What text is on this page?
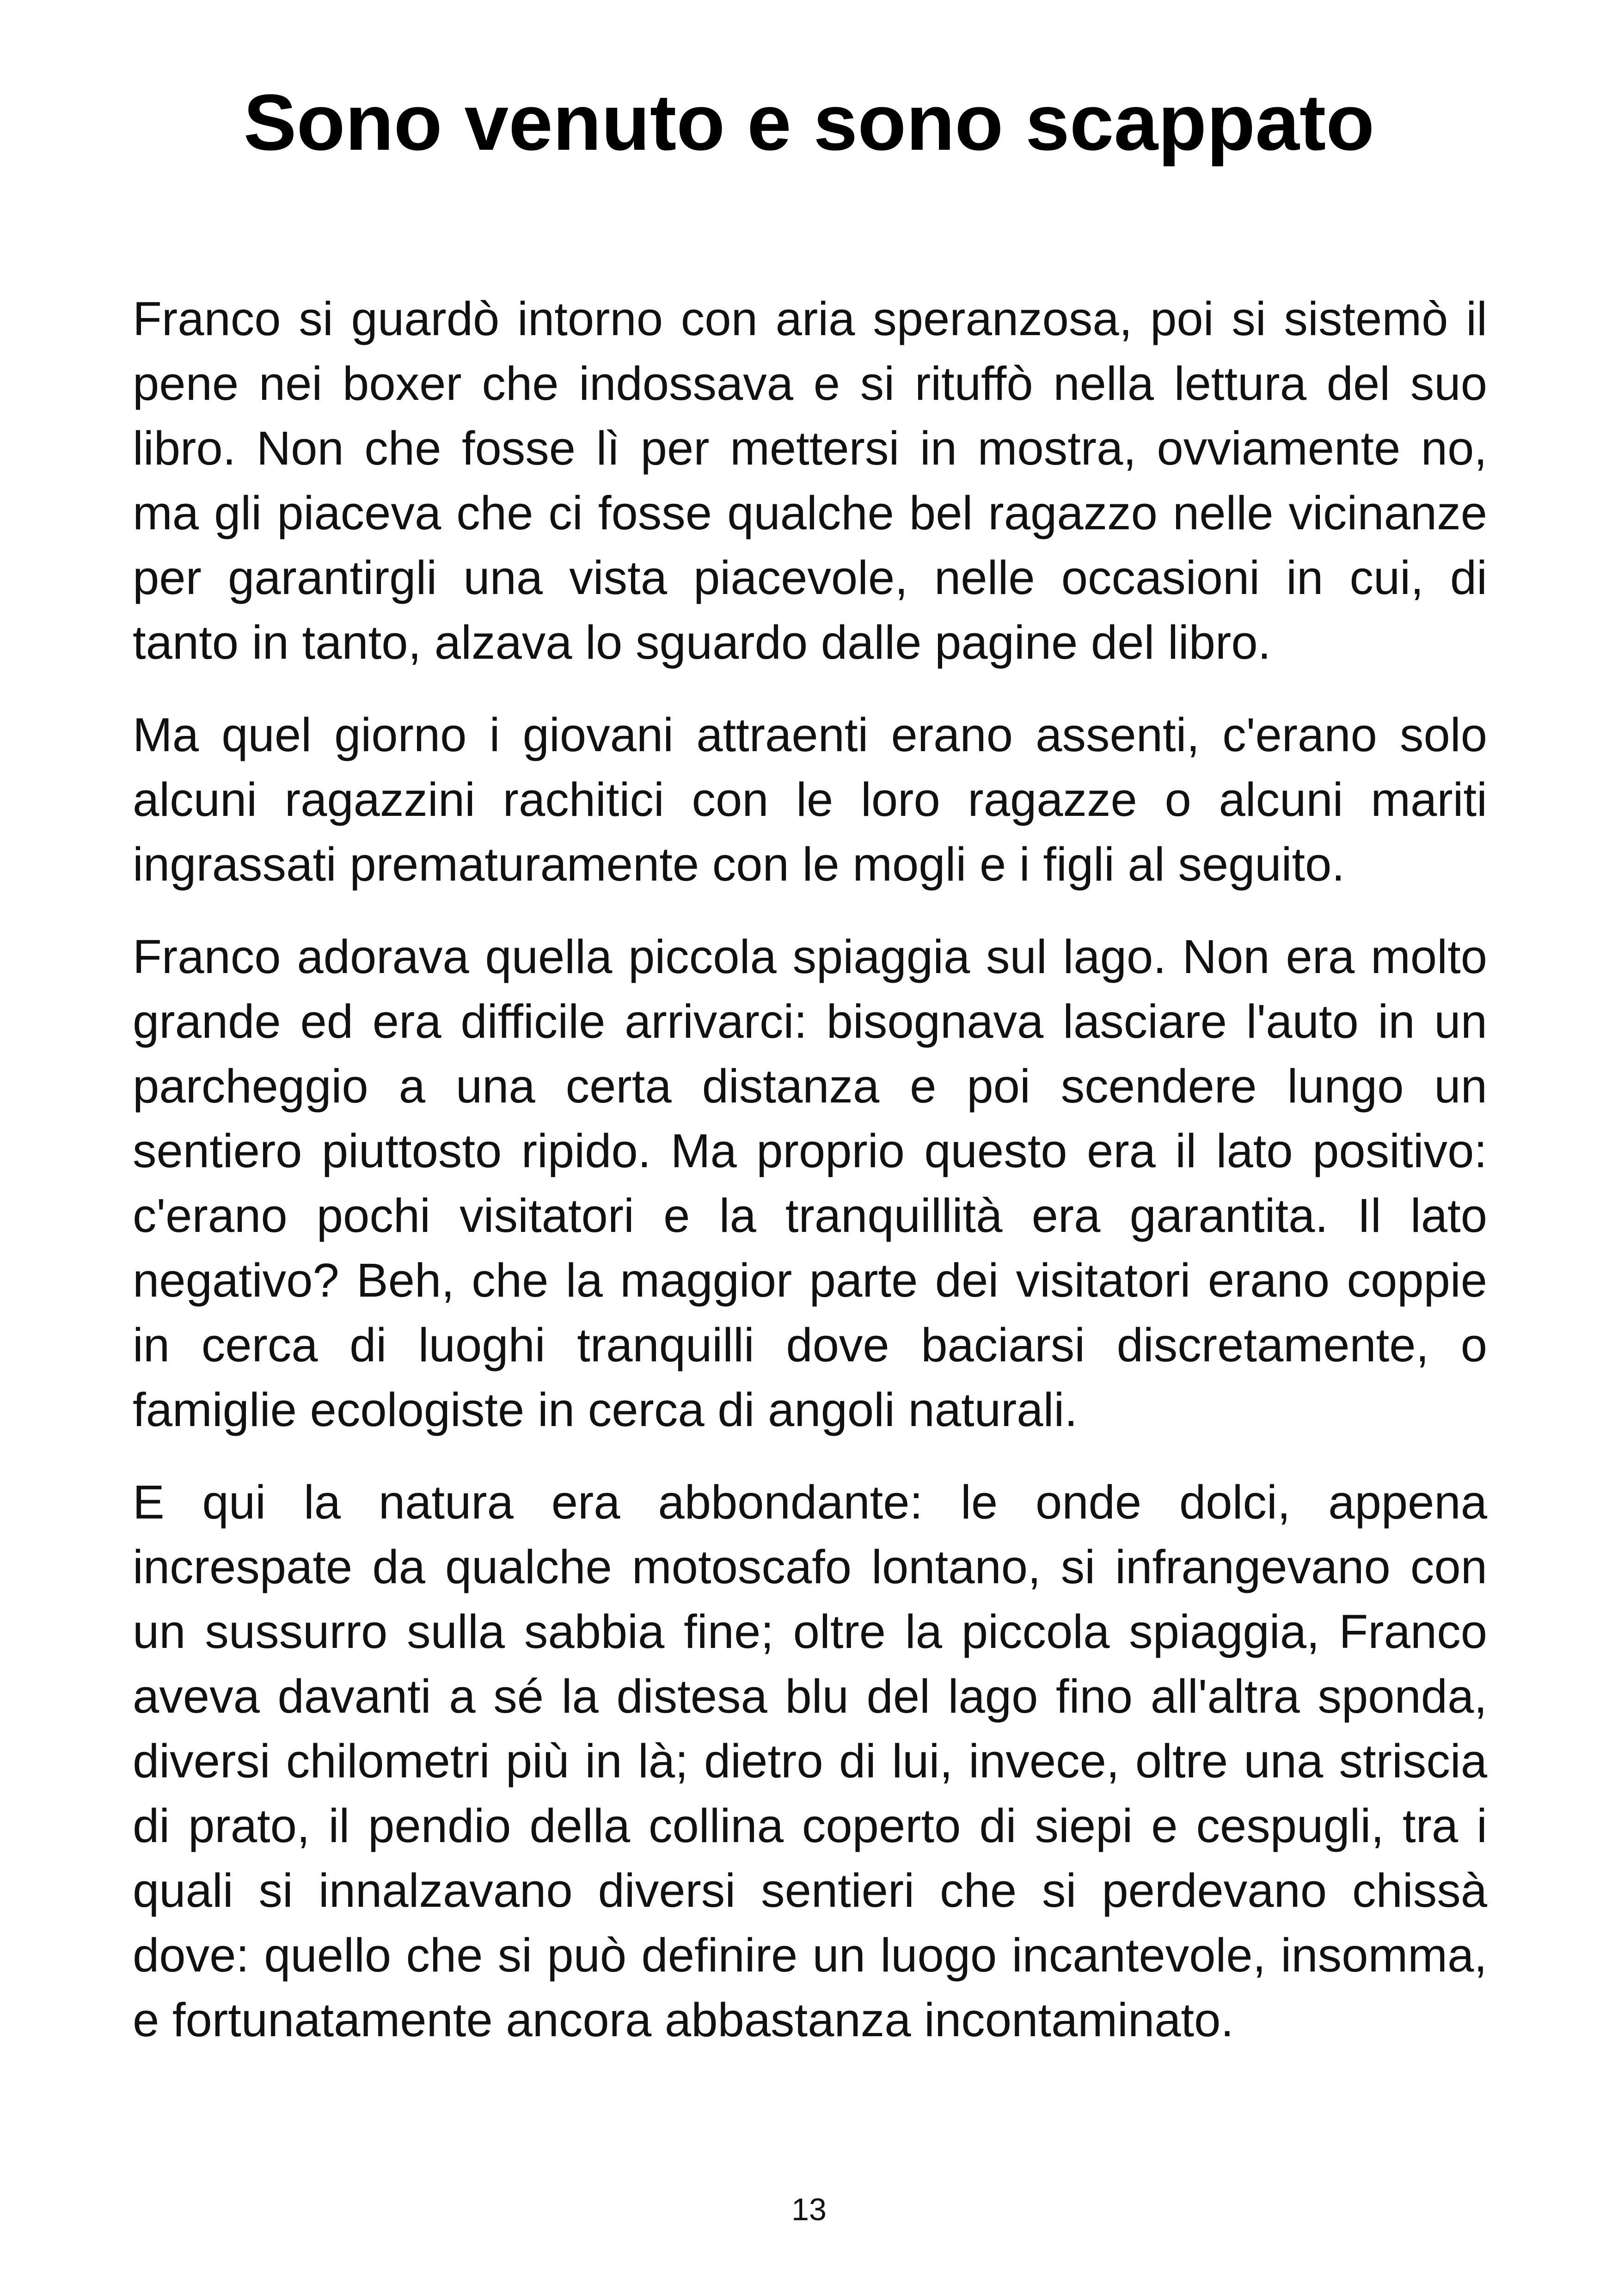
Sono venuto e sono scappato

Franco si guardò intorno con aria speranzosa, poi si sistemò il pene nei boxer che indossava e si rituffò nella lettura del suo libro. Non che fosse lì per mettersi in mostra, ovviamente no, ma gli piaceva che ci fosse qualche bel ragazzo nelle vicinanze per garantirgli una vista piacevole, nelle occasioni in cui, di tanto in tanto, alzava lo sguardo dalle pagine del libro.

Ma quel giorno i giovani attraenti erano assenti, c'erano solo alcuni ragazzini rachitici con le loro ragazze o alcuni mariti ingrassati prematuramente con le mogli e i figli al seguito.

Franco adorava quella piccola spiaggia sul lago. Non era molto grande ed era difficile arrivarci: bisognava lasciare l'auto in un parcheggio a una certa distanza e poi scendere lungo un sentiero piuttosto ripido. Ma proprio questo era il lato positivo: c'erano pochi visitatori e la tranquillità era garantita. Il lato negativo? Beh, che la maggior parte dei visitatori erano coppie in cerca di luoghi tranquilli dove baciarsi discretamente, o famiglie ecologiste in cerca di angoli naturali.

E qui la natura era abbondante: le onde dolci, appena increspate da qualche motoscafo lontano, si infrangevano con un sussurro sulla sabbia fine; oltre la piccola spiaggia, Franco aveva davanti a sé la distesa blu del lago fino all'altra sponda, diversi chilometri più in là; dietro di lui, invece, oltre una striscia di prato, il pendio della collina coperto di siepi e cespugli, tra i quali si innalzavano diversi sentieri che si perdevano chissà dove: quello che si può definire un luogo incantevole, insomma, e fortunatamente ancora abbastanza incontaminato.

13
